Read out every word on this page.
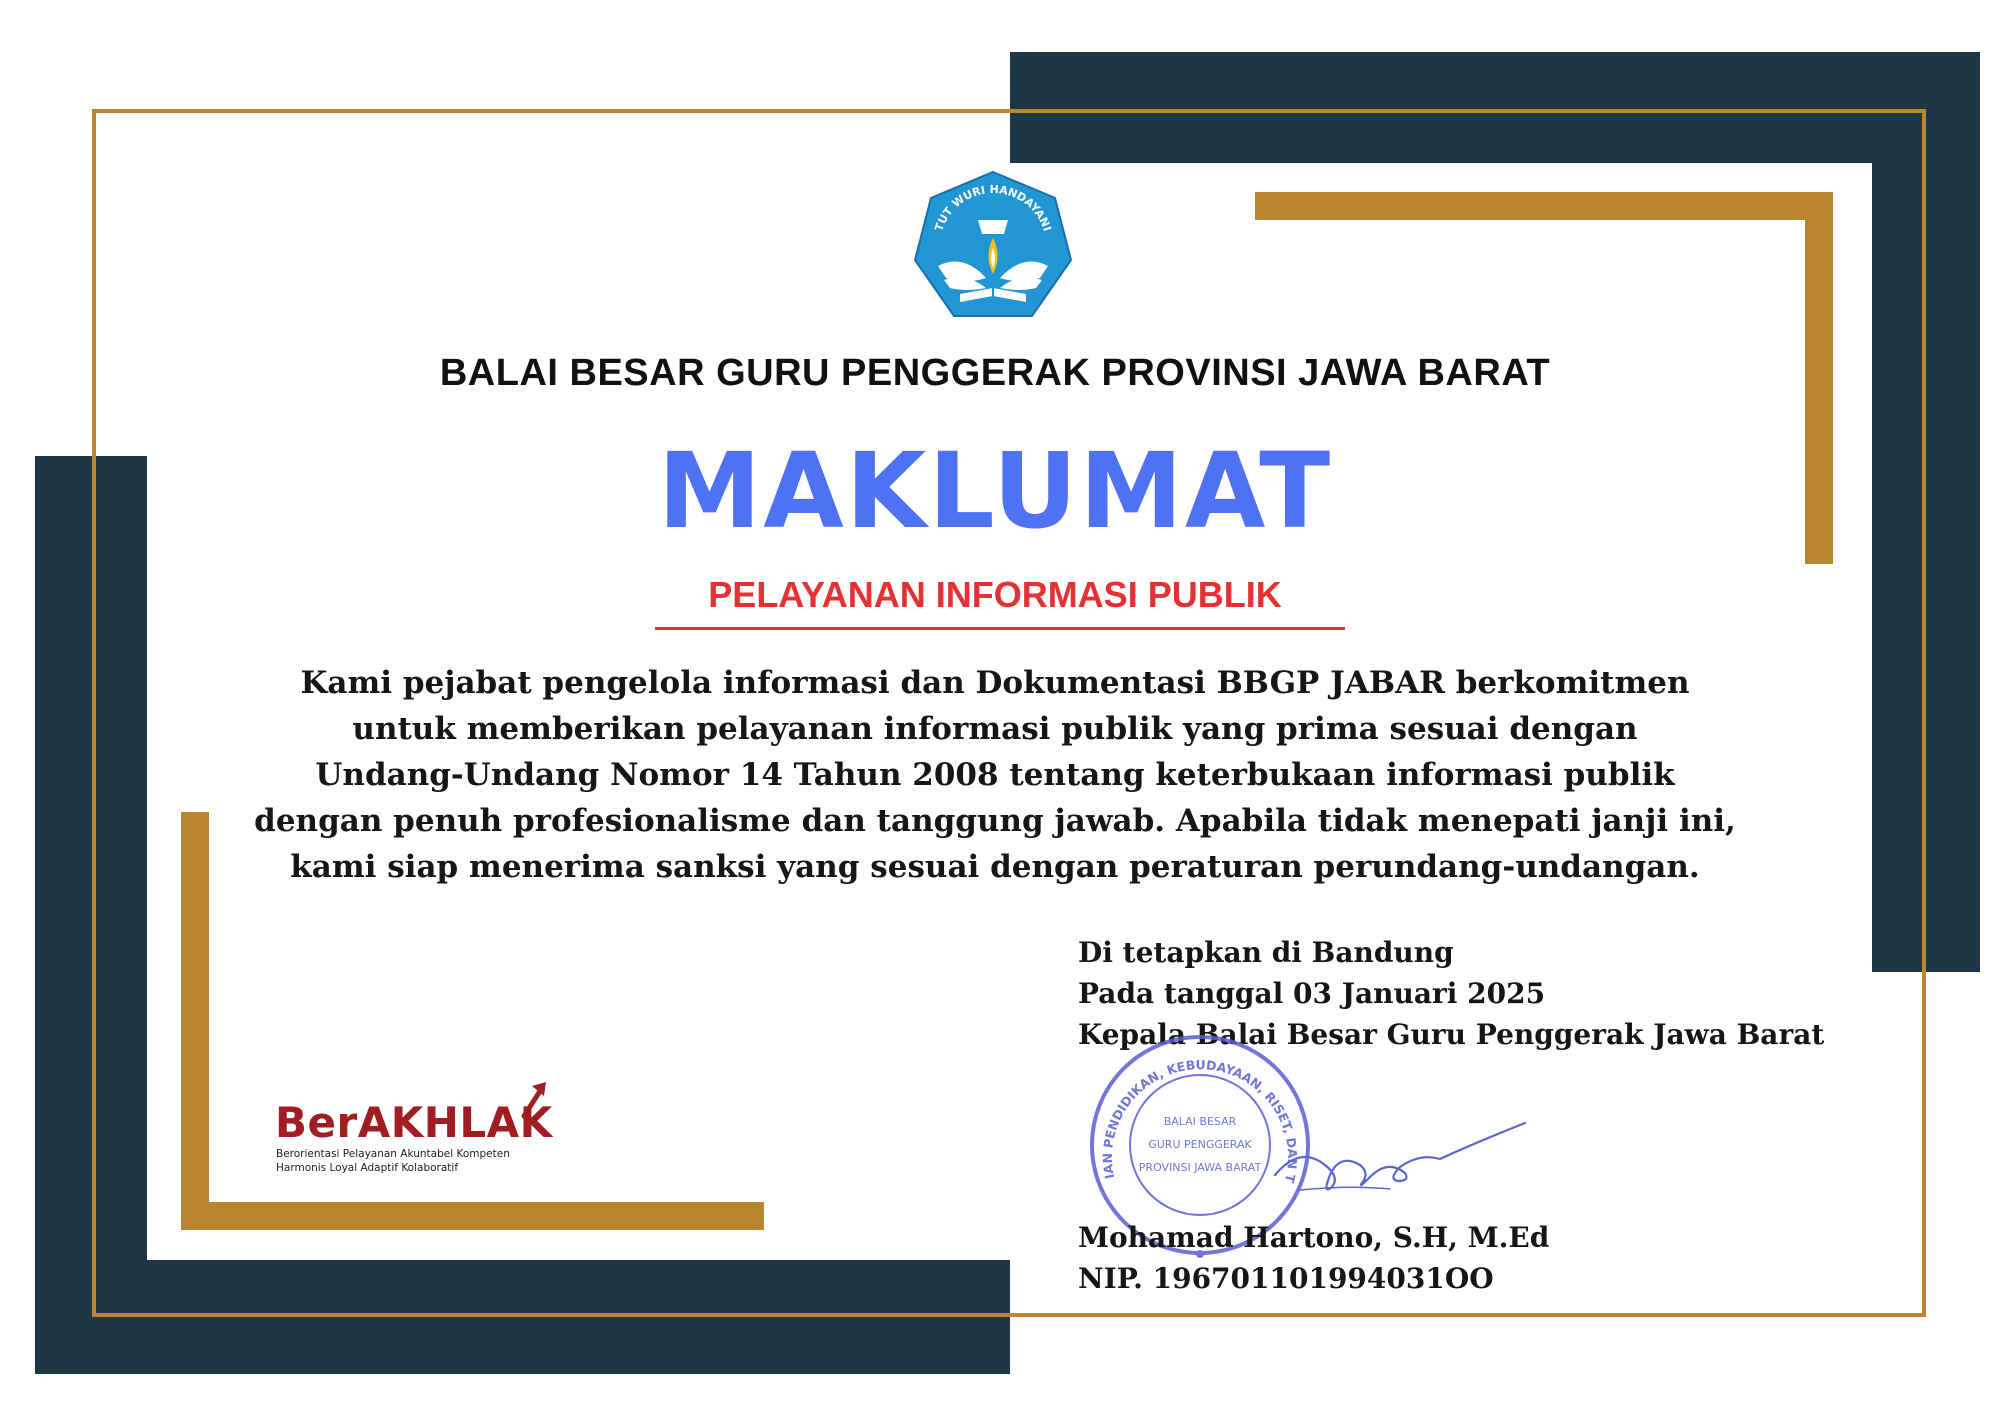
TUT WURI HANDAYANI
BALAI BESAR GURU PENGGERAK PROVINSI JAWA BARAT
MAKLUMAT
PELAYANAN INFORMASI PUBLIK
Kami pejabat pengelola informasi dan Dokumentasi BBGP JABAR berkomitmen
untuk memberikan pelayanan informasi publik yang prima sesuai dengan
Undang-Undang Nomor 14 Tahun 2008 tentang keterbukaan informasi publik
dengan penuh profesionalisme dan tanggung jawab. Apabila tidak menepati janji ini,
kami siap menerima sanksi yang sesuai dengan peraturan perundang-undangan.
Di tetapkan di Bandung
Pada tanggal 03 Januari 2025
Kepala Balai Besar Guru Penggerak Jawa Barat
IAN PENDIDIKAN, KEBUDAYAAN, RISET, DAN T
BALAI BESAR
GURU PENGGERAK
PROVINSI JAWA BARAT
Mohamad Hartono, S.H, M.Ed
NIP. 196701101994031OO
BerAKHLAK
Berorientasi Pelayanan Akuntabel Kompeten
Harmonis Loyal Adaptif Kolaboratif
